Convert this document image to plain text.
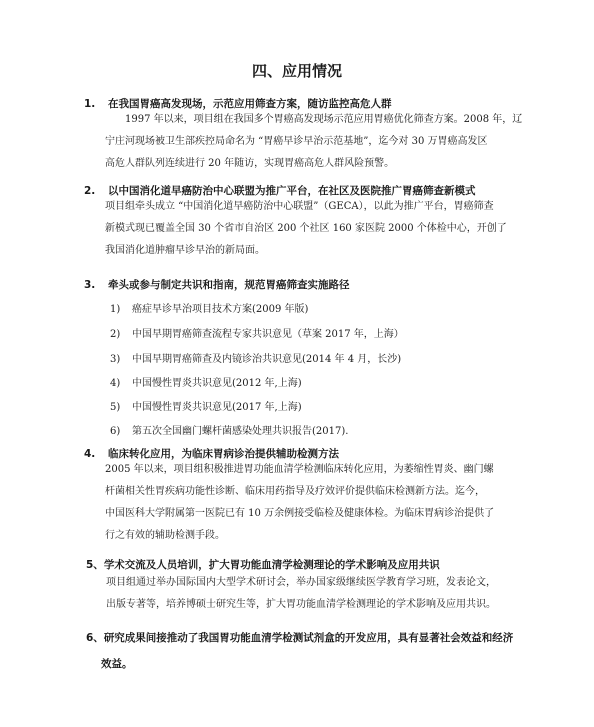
四、应用情况
1. 在我国胃癌高发现场，示范应用筛查方案，随访监控高危人群
1997 年以来，项目组在我国多个胃癌高发现场示范应用胃癌优化筛查方案。2008 年，辽
宁庄河现场被卫生部疾控局命名为 “胃癌早诊早治示范基地”，迄今对 30 万胃癌高发区
高危人群队列连续进行 20 年随访，实现胃癌高危人群风险预警。
2. 以中国消化道早癌防治中心联盟为推广平台，在社区及医院推广胃癌筛查新模式
项目组牵头成立 “中国消化道早癌防治中心联盟”（GECA），以此为推广平台，胃癌筛查
新模式现已覆盖全国 30 个省市自治区 200 个社区 160 家医院 2000 个体检中心，开创了
我国消化道肿瘤早诊早治的新局面。
3. 牵头或参与制定共识和指南，规范胃癌筛查实施路径
1) 癌症早诊早治项目技术方案(2009 年版)
2) 中国早期胃癌筛查流程专家共识意见（草案 2017 年，上海）
3) 中国早期胃癌筛查及内镜诊治共识意见(2014 年 4 月，长沙)
4) 中国慢性胃炎共识意见(2012 年,上海)
5) 中国慢性胃炎共识意见(2017 年,上海)
6) 第五次全国幽门螺杆菌感染处理共识报告(2017).
4. 临床转化应用，为临床胃病诊治提供辅助检测方法
2005 年以来，项目组积极推进胃功能血清学检测临床转化应用，为萎缩性胃炎、幽门螺
杆菌相关性胃疾病功能性诊断、临床用药指导及疗效评价提供临床检测新方法。迄今，
中国医科大学附属第一医院已有 10 万余例接受临检及健康体检。为临床胃病诊治提供了
行之有效的辅助检测手段。
5、学术交流及人员培训，扩大胃功能血清学检测理论的学术影响及应用共识
项目组通过举办国际国内大型学术研讨会，举办国家级继续医学教育学习班，发表论文，
出版专著等，培养博硕士研究生等，扩大胃功能血清学检测理论的学术影响及应用共识。
6、研究成果间接推动了我国胃功能血清学检测试剂盒的开发应用，具有显著社会效益和经济
效益。
